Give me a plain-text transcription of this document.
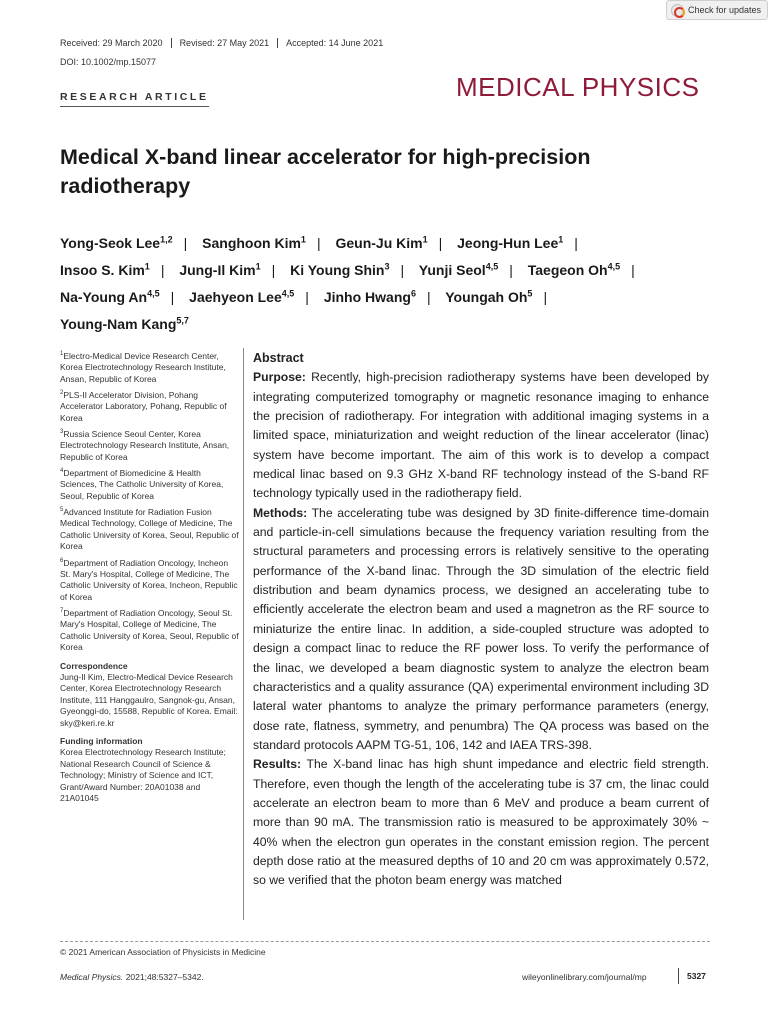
Check for updates
Received: 29 March 2020	Revised: 27 May 2021	Accepted: 14 June 2021
DOI: 10.1002/mp.15077
MEDICAL PHYSICS
RESEARCH ARTICLE
Medical X-band linear accelerator for high-precision radiotherapy
Yong-Seok Lee$^{1,2}$ | Sanghoon Kim$^1$ | Geun-Ju Kim$^1$ | Jeong-Hun Lee$^1$ |
Insoo S. Kim$^1$ | Jung-Il Kim$^1$ | Ki Young Shin$^3$ | Yunji Seol$^{4,5}$ | Taegeon Oh$^{4,5}$ |
Na-Young An$^{4,5}$ | Jaehyeon Lee$^{4,5}$ | Jinho Hwang$^6$ | Youngah Oh$^5$ |
Young-Nam Kang$^{5,7}$
$^1$Electro-Medical Device Research Center, Korea Electrotechnology Research Institute, Ansan, Republic of Korea
$^2$PLS-II Accelerator Division, Pohang Accelerator Laboratory, Pohang, Republic of Korea
$^3$Russia Science Seoul Center, Korea Electrotechnology Research Institute, Ansan, Republic of Korea
$^4$Department of Biomedicine & Health Sciences, The Catholic University of Korea, Seoul, Republic of Korea
$^5$Advanced Institute for Radiation Fusion Medical Technology, College of Medicine, The Catholic University of Korea, Seoul, Republic of Korea
$^6$Department of Radiation Oncology, Incheon St. Mary's Hospital, College of Medicine, The Catholic University of Korea, Incheon, Republic of Korea
$^7$Department of Radiation Oncology, Seoul St. Mary's Hospital, College of Medicine, The Catholic University of Korea, Seoul, Republic of Korea
Correspondence
Jung-Il Kim, Electro-Medical Device Research Center, Korea Electrotechnology Research Institute, 111 Hanggaulro, Sangnok-gu, Ansan, Gyeonggi-do, 15588, Republic of Korea. Email: sky@keri.re.kr
Funding information
Korea Electrotechnology Research Institute; National Research Council of Science & Technology; Ministry of Science and ICT, Grant/Award Number: 20A01038 and 21A01045
Abstract

Purpose: Recently, high-precision radiotherapy systems have been developed by integrating computerized tomography or magnetic resonance imaging to enhance the precision of radiotherapy. For integration with additional imaging systems in a limited space, miniaturization and weight reduction of the linear accelerator (linac) system have become important. The aim of this work is to develop a compact medical linac based on 9.3 GHz X-band RF technology instead of the S-band RF technology typically used in the radiotherapy field.

Methods: The accelerating tube was designed by 3D finite-difference time-domain and particle-in-cell simulations because the frequency variation resulting from the structural parameters and processing errors is relatively sensitive to the operating performance of the X-band linac. Through the 3D simulation of the electric field distribution and beam dynamics process, we designed an accelerating tube to efficiently accelerate the electron beam and used a magnetron as the RF source to miniaturize the entire linac. In addition, a side-coupled structure was adopted to design a compact linac to reduce the RF power loss. To verify the performance of the linac, we developed a beam diagnostic system to analyze the electron beam characteristics and a quality assurance (QA) experimental environment including 3D lateral water phantoms to analyze the primary performance parameters (energy, dose rate, flatness, symmetry, and penumbra) The QA process was based on the standard protocols AAPM TG-51, 106, 142 and IAEA TRS-398.

Results: The X-band linac has high shunt impedance and electric field strength. Therefore, even though the length of the accelerating tube is 37 cm, the linac could accelerate an electron beam to more than 6 MeV and produce a beam current of more than 90 mA. The transmission ratio is measured to be approximately 30% ~ 40% when the electron gun operates in the constant emission region. The percent depth dose ratio at the measured depths of 10 and 20 cm was approximately 0.572, so we verified that the photon beam energy was matched

© 2021 American Association of Physicists in Medicine
Medical Physics. 2021;48:5327–5342.	wileyonlinelibrary.com/journal/mp	5327
